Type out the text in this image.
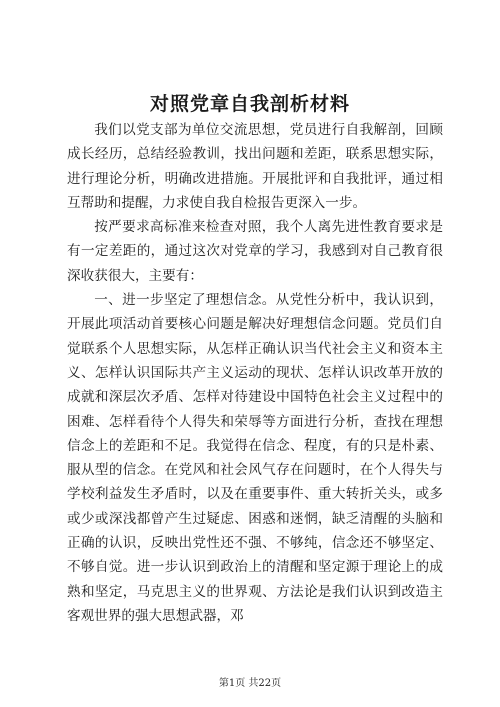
对照党章自我剖析材料

我们以党支部为单位交流思想，党员进行自我解剖，回顾成长经历，总结经验教训，找出问题和差距，联系思想实际，进行理论分析，明确改进措施。开展批评和自我批评，通过相互帮助和提醒，力求使自我自检报告更深入一步。

按严要求高标准来检查对照，我个人离先进性教育要求是有一定差距的，通过这次对党章的学习，我感到对自己教育很深收获很大，主要有：

一、进一步坚定了理想信念。从党性分析中，我认识到，开展此项活动首要核心问题是解决好理想信念问题。党员们自觉联系个人思想实际，从怎样正确认识当代社会主义和资本主义、怎样认识国际共产主义运动的现状、怎样认识改革开放的成就和深层次矛盾、怎样对待建设中国特色社会主义过程中的困难、怎样看待个人得失和荣辱等方面进行分析，查找在理想信念上的差距和不足。我觉得在信念、程度，有的只是朴素、服从型的信念。在党风和社会风气存在问题时，在个人得失与学校利益发生矛盾时，以及在重要事件、重大转折关头，或多或少或深浅都曾产生过疑虑、困惑和迷惘，缺乏清醒的头脑和正确的认识，反映出党性还不强、不够纯，信念还不够坚定、不够自觉。进一步认识到政治上的清醒和坚定源于理论上的成熟和坚定，马克思主义的世界观、方法论是我们认识到改造主客观世界的强大思想武器，邓

第1页 共22页
